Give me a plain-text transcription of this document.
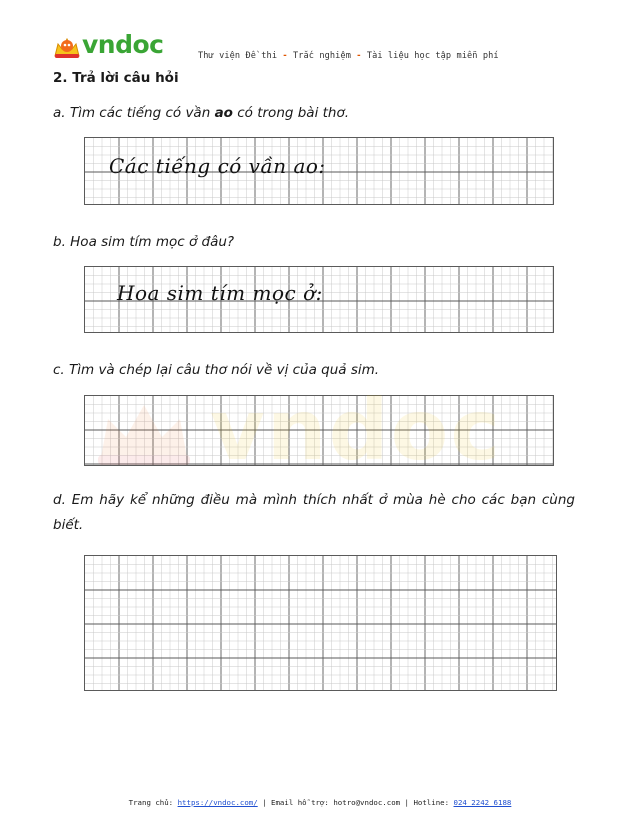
vndoc	Thư viện Đề thi - Trắc nghiệm - Tài liệu học tập miễn phí
2. Trả lời câu hỏi

a. Tìm các tiếng có vần ao có trong bài thơ.

Các tiếng có vần ao:

b. Hoa sim tím mọc ở đâu?

Hoa sim tím mọc ở:

c. Tìm và chép lại câu thơ nói về vị của quả sim.

vndoc

d. Em hãy kể những điều mà mình thích nhất ở mùa hè cho các bạn cùng biết.

Trang chủ: https://vndoc.com/ | Email hỗ trợ: hotro@vndoc.com | Hotline: 024 2242 6188
